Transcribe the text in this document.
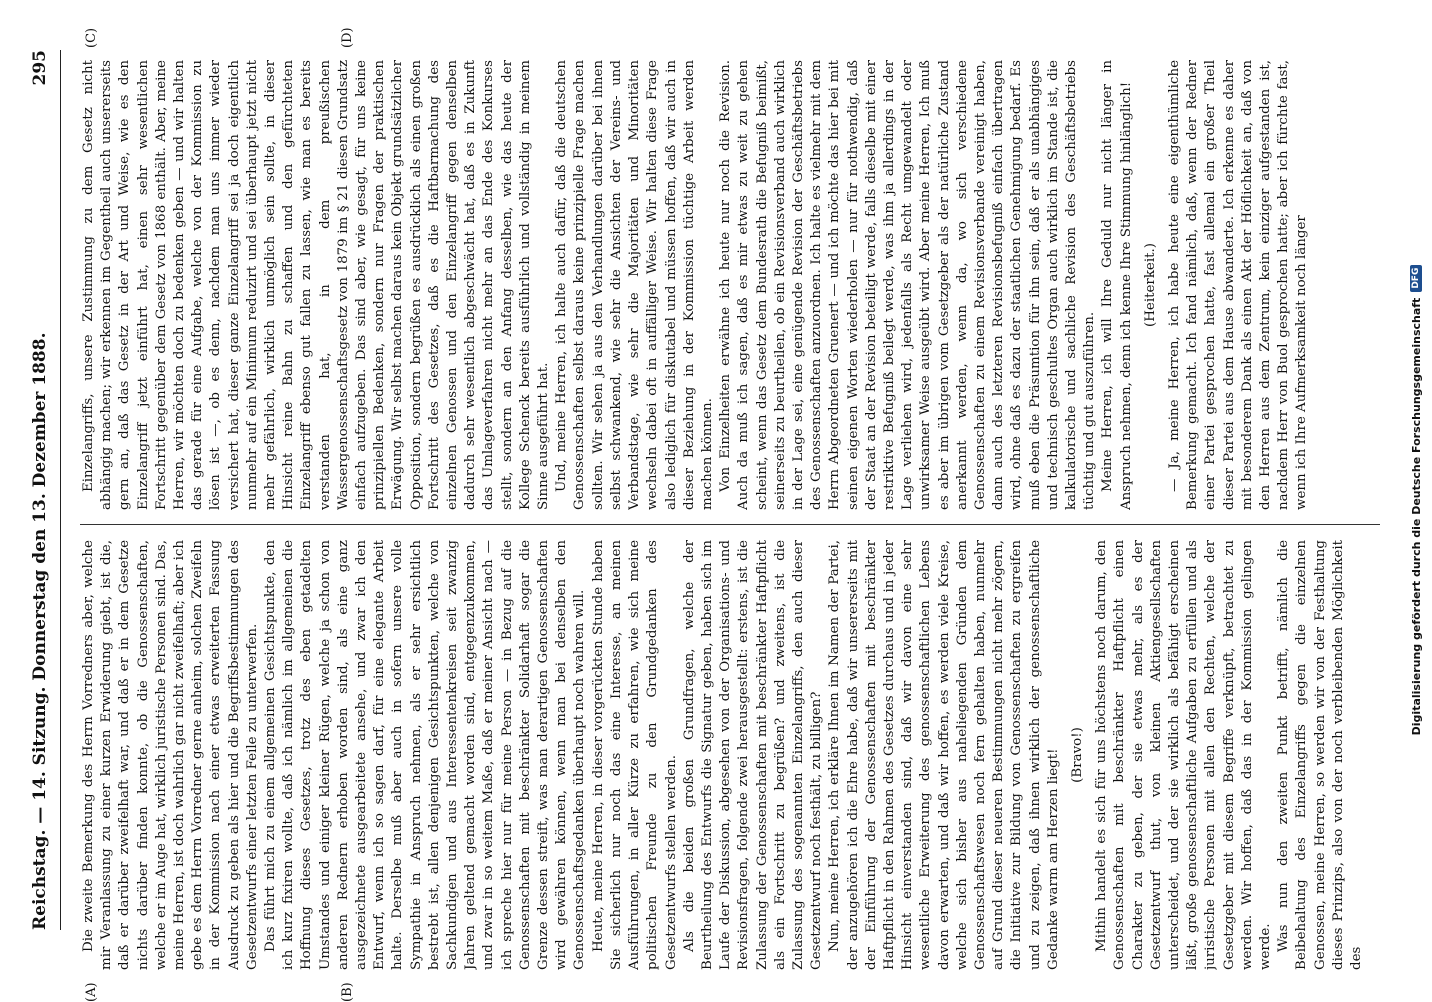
Reichstag. — 14. Sitzung. Donnerstag den 13. Dezember 1888.
295
(A)	(B)
(C)	(D)

Die zweite Bemerkung des Herrn Vorredners aber, welche mir Veranlassung zu einer kurzen Erwiderung giebt, ist die, daß er darüber zweifelhaft war, und daß er in dem Gesetze nichts darüber finden konnte, ob die Genossenschaften, welche er im Auge hat, wirklich juristische Personen sind. Das, meine Herren, ist doch wahrlich gar nicht zweifelhaft; aber ich gebe es dem Herrn Vorredner gerne anheim, solchen Zweifeln in der Kommission nach einer etwas erweiterten Fassung Ausdruck zu geben als hier und die Begriffsbestimmungen des Gesetzentwurfs einer letzten Feile zu unterwerfen. Das führt mich zu einem allgemeinen Gesichtspunkte, den ich kurz fixiren wollte, daß ich nämlich im allgemeinen die Hoffnung dieses Gesetzes, trotz des eben getadelten Umstandes und einiger kleiner Rügen, welche ja schon von anderen Rednern erhoben worden sind, als eine ganz ausgezeichnete ausgearbeitete ansehe, und zwar ich den Entwurf, wenn ich so sagen darf, für eine elegante Arbeit halte. Derselbe muß aber auch in sofern unsere volle Sympathie in Anspruch nehmen, als er sehr ersichtlich bestrebt ist, allen denjenigen Gesichtspunkten, welche von Sachkundigen und aus Interessentenkreisen seit zwanzig Jahren geltend gemacht worden sind, entgegenzukommen, und zwar in so weitem Maße, daß er meiner Ansicht nach — ich spreche hier nur für meine Person — in Bezug auf die Genossenschaften mit beschränkter Solidarhaft sogar die Grenze dessen streift, was man derartigen Genossenschaften wird gewähren können, wenn man bei denselben den Genossenschaftsgedanken überhaupt noch wahren will. Heute, meine Herren, in dieser vorgerückten Stunde haben Sie sicherlich nur noch das eine Interesse, an meinen Ausführungen, in aller Kürze zu erfahren, wie sich meine politischen Freunde zu den Grundgedanken des Gesetzentwurfs stellen werden. Als die beiden großen Grundfragen, welche der Beurtheilung des Entwurfs die Signatur geben, haben sich im Laufe der Diskussion, abgesehen von der Organisations- und Revisionsfragen, folgende zwei herausgestellt: erstens, ist die Zulassung der Genossenschaften mit beschränkter Haftpflicht als ein Fortschritt zu begrüßen? und zweitens, ist die Zulassung des sogenannten Einzelangriffs, den auch dieser Gesetzentwurf noch festhält, zu billigen? Nun, meine Herren, ich erkläre Ihnen im Namen der Partei, der anzugehören ich die Ehre habe, daß wir unsererseits mit der Einführung der Genossenschaften mit beschränkter Haftpflicht in den Rahmen des Gesetzes durchaus und in jeder Hinsicht einverstanden sind, daß wir davon eine sehr wesentliche Erweiterung des genossenschaftlichen Lebens davon erwarten, und daß wir hoffen, es werden viele Kreise, welche sich bisher aus naheliegenden Gründen dem Genossenschaftswesen noch fern gehalten haben, nunmehr auf Grund dieser neueren Bestimmungen nicht mehr zögern, die Initiative zur Bildung von Genossenschaften zu ergreifen und zu zeigen, daß ihnen wirklich der genossenschaftliche Gedanke warm am Herzen liegt! (Bravo!) Mithin handelt es sich für uns höchstens noch darum, den Genossenschaften mit beschränkter Haftpflicht einen Charakter zu geben, der sie etwas mehr, als es der Gesetzentwurf thut, von kleinen Aktiengesellschaften unterscheidet, und der sie wirklich als befähigt erscheinen läßt, große genossenschaftliche Aufgaben zu erfüllen und als juristische Personen mit allen den Rechten, welche der Gesetzgeber mit diesem Begriffe verknüpft, betrachtet zu werden. Wir hoffen, daß das in der Kommission gelingen werde. Was nun den zweiten Punkt betrifft, nämlich die Beibehaltung des Einzelangriffs gegen die einzelnen Genossen, meine Herren, so werden wir von der Festhaltung dieses Prinzips, also von der noch verbleibenden Möglichkeit des

Einzelangriffs, unsere Zustimmung zu dem Gesetz nicht abhängig machen; wir erkennen im Gegentheil auch unsererseits gern an, daß das Gesetz in der Art und Weise, wie es den Einzelangriff jetzt einführt hat, einen sehr wesentlichen Fortschritt gegenüber dem Gesetz von 1868 enthält. Aber, meine Herren, wir möchten doch zu bedenken geben — und wir halten das gerade für eine Aufgabe, welche von der Kommission zu lösen ist —, ob es denn, nachdem man uns immer wieder versichert hat, dieser ganze Einzelangriff sei ja doch eigentlich nunmehr auf ein Minimum reduzirt und sei überhaupt jetzt nicht mehr gefährlich, wirklich unmöglich sein sollte, in dieser Hinsicht reine Bahn zu schaffen und den gefürchteten Einzelangriff ebenso gut fallen zu lassen, wie man es bereits verstanden hat, in dem preußischen Wassergenossenschaftsgesetz von 1879 im § 21 diesen Grundsatz einfach aufzugeben. Das sind aber, wie gesagt, für uns keine prinzipiellen Bedenken, sondern nur Fragen der praktischen Erwägung. Wir selbst machen daraus kein Objekt grundsätzlicher Opposition, sondern begrüßen es ausdrücklich als einen großen Fortschritt des Gesetzes, daß es die Haftbarmachung des einzelnen Genossen und den Einzelangriff gegen denselben dadurch sehr wesentlich abgeschwächt hat, daß es in Zukunft das Umlageverfahren nicht mehr an das Ende des Konkurses stellt, sondern an den Anfang desselben, wie das heute der Kollege Schenck bereits ausführlich und vollständig in meinem Sinne ausgeführt hat. Und, meine Herren, ich halte auch dafür, daß die deutschen Genossenschaften selbst daraus keine prinzipielle Frage machen sollten. Wir sehen ja aus den Verhandlungen darüber bei ihnen selbst schwankend, wie sehr die Ansichten der Vereins- und Verbandstage, wie sehr die Majoritäten und Minoritäten wechseln dabei oft in auffälliger Weise. Wir halten diese Frage also lediglich für diskutabel und müssen hoffen, daß wir auch in dieser Beziehung in der Kommission tüchtige Arbeit werden machen können. Von Einzelheiten erwähne ich heute nur noch die Revision. Auch da muß ich sagen, daß es mir etwas zu weit zu gehen scheint, wenn das Gesetz dem Bundesrath die Befugniß beimißt, seinerseits zu beurtheilen, ob ein Revisionsverband auch wirklich in der Lage sei, eine genügende Revision der Geschäftsbetriebs des Genossenschaften anzuordnen. Ich halte es vielmehr mit dem Herrn Abgeordneten Gruenert — und ich möchte das hier bei mit seinen eigenen Worten wiederholen — nur für nothwendig, daß der Staat an der Revision beteiligt werde, falls dieselbe mit einer restriktive Befugniß beilegt werde, was ihm ja allerdings in der Lage verliehen wird, jedenfalls als Recht umgewandelt oder unwirksamer Weise ausgeübt wird. Aber meine Herren, Ich muß es aber im übrigen vom Gesetzgeber als der natürliche Zustand anerkannt werden, wenn da, wo sich verschiedene Genossenschaften zu einem Revisionsverbande vereinigt haben, dann auch des letzteren Revisionsbefugniß einfach übertragen wird, ohne daß es dazu der staatlichen Genehmigung bedarf. Es muß eben die Präsumtion für ihn sein, daß er als unabhängiges und technisch geschultes Organ auch wirklich im Stande ist, die kalkulatorische und sachliche Revision des Geschäftsbetriebs tüchtig und gut auszuführen. Meine Herren, ich will Ihre Geduld nur nicht länger in Anspruch nehmen, denn ich kenne Ihre Stimmung hinlänglich! (Heiterkeit.) — Ja, meine Herren, ich habe heute eine eigenthümliche Bemerkung gemacht. Ich fand nämlich, daß, wenn der Redner einer Partei gesprochen hatte, fast allemal ein großer Theil dieser Partei aus dem Hause abwanderte. Ich erkenne es daher mit besonderem Dank als einen Akt der Höflichkeit an, daß von den Herren aus dem Zentrum, kein einziger aufgestanden ist, nachdem Herr von Buol gesprochen hatte; aber ich fürchte fast, wenn ich Ihre Aufmerksamkeit noch länger	Digitalisierung gefördert durch die Deutsche Forschungsgemeinschaft
DFG
